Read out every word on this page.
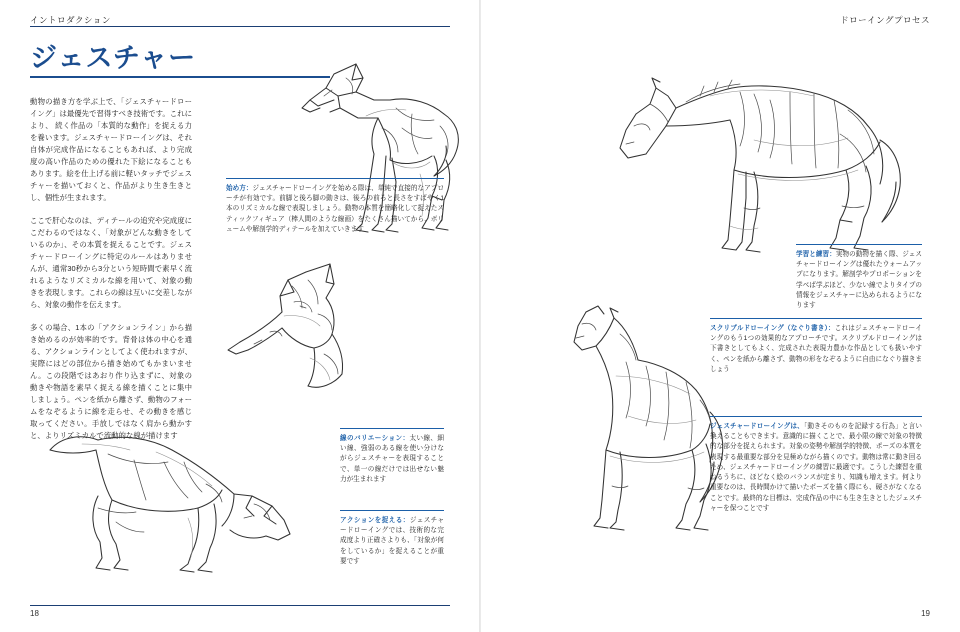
イントロダクション
ジェスチャー

動物の描き方を学ぶ上で、「ジェスチャードローイング」は最優先で習得すべき技術です。これにより、 続く作品の「本質的な動作」を捉える力を養います。ジェスチャードローイングは、それ自体が完成作品になることもあれば、より完成度の高い作品のための優れた下絵になることもあります。絵を仕上げる前に軽いタッチでジェスチャーを描いておくと、作品がより生き生きとし、個性が生まれます。

ここで肝心なのは、ディテールの追究や完成度にこだわるのではなく、「対象がどんな動きをしているのか」、その本質を捉えることです。ジェスチャードローイングに特定のルールはありませんが、通常30秒から3分という短時間で素早く流れるようなリズミカルな線を用いて、対象の動きを表現します。これらの線は互いに交差しながら、対象の動作を伝えます。

多くの場合、1本の「アクションライン」から描き始めるのが効率的です。背骨は体の中心を通る、アクションラインとしてよく使われますが、実際にはどの部位から描き始めてもかまいません。この段階ではあおり作り込まずに、対象の動きや物語を素早く捉える線を描くことに集中しましょう。ペンを紙から離さず、動物のフォームをなぞるように線を走らせ、その動きを感じ取ってください。手放しではなく肩から動かすと、よりリズミカルで流動的な線が描けます

始め方：ジェスチャードローイングを始める際は、単純で直接的なアプローチが有効です。前脚と後ろ脚の動きは、後ろの前ろと長さをすばやく1本のリズミカルな線で表現しましょう。動物の本質を簡略化して捉えたスティックフィギュア（棒人間のような線画）をたくさん描いてから、ボリュームや解剖学的ディテールを加えていきます
線のバリエーション：太い線、細い線、強弱のある線を使い分けながらジェスチャーを表現することで、単一の線だけでは出せない魅力が生まれます
アクションを捉える：ジェスチャードローイングでは、技術的な完成度より正確さよりも、「対象が何をしているか」を捉えることが重要です
18
ドローイングプロセス
学習と練習：実物の動物を描く際、ジェスチャードローイングは優れたウォームアップになります。解剖学やプロポーションを学べば学ぶほど、少ない線でよりタイプの情報をジェスチャーに込められるようになります
スクリブルドローイング（なぐり書き）：これはジェスチャードローイングのもう1つの効果的なアプローチです。スクリブルドローイングは下書きとしてもよく、完成された表現力豊かな作品としても扱いやすく、ペンを紙から離さず、動物の形をなぞるように自由になぐり描きましょう
ジェスチャードローイングは、「動きそのものを記録する行為」と言い換えることもできます。意識的に描くことで、最小限の線で対象の特徴的な部分を捉えられます。対象の姿勢や解剖学的特徴、ポーズの本質を表現する最重要な部分を見極めながら描くのです。動物は常に動き回るため、ジェスチャードローイングの練習に最適です。こうした練習を重ねるうちに、ほどなく絵のバランスが定まり、知識も増えます。何より重要なのは、長時間かけて描いたポーズを描く際にも、硬さがなくなることです。最終的な目標は、完成作品の中にも生き生きとしたジェスチャーを保つことです
19
